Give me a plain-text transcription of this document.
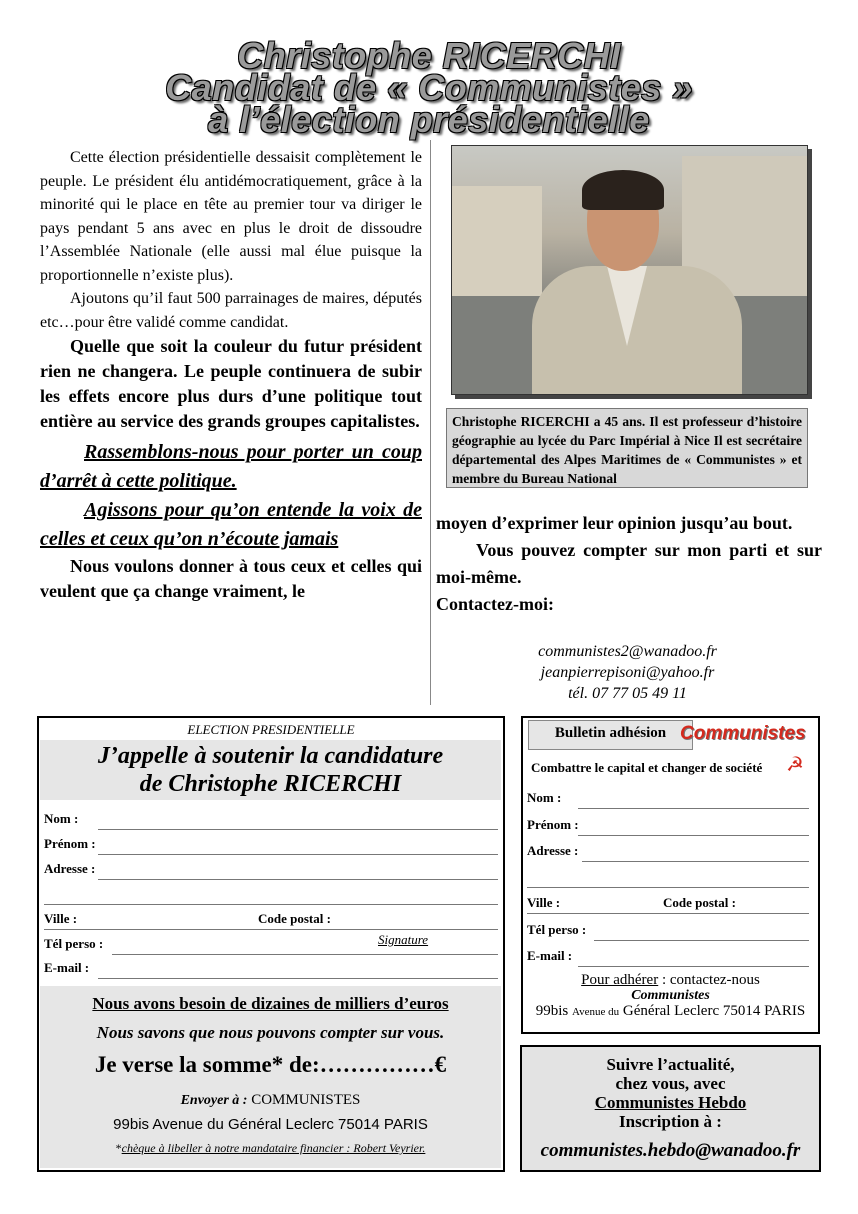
Christophe RICERCHI
Candidat de « Communistes »
à l’élection présidentielle

Cette élection présidentielle dessaisit complètement le peuple. Le président élu antidémocratiquement, grâce à la minorité qui le place en tête au premier tour va diriger le pays pendant 5 ans avec en plus le droit de dissoudre l’Assemblée Nationale (elle aussi mal élue puisque la proportionnelle n’existe plus).

Ajoutons qu’il faut 500 parrainages de maires, députés etc…pour être validé comme candidat.

Quelle que soit la couleur du futur président rien ne changera. Le peuple continuera de subir les effets encore plus durs d’une politique tout entière au service des grands groupes capitalistes.

Rassemblons-nous pour porter un coup d’arrêt à cette politique.

Agissons pour qu’on entende la voix de celles et ceux qu’on n’écoute jamais

Nous voulons donner à tous ceux et celles qui veulent que ça change vraiment, le

Christophe RICERCHI a 45 ans. Il est professeur d’histoire géographie au lycée du Parc Impérial à Nice Il est secrétaire départemental des Alpes Maritimes de « Communistes » et membre du Bureau National

moyen d’exprimer leur opinion jusqu’au bout.

Vous pouvez compter sur mon parti et sur moi-même.

Contactez-moi:

communistes2@wanadoo.fr
jeanpierrepisoni@yahoo.fr
tél. 07 77 05 49 11
ELECTION PRESIDENTIELLE
J’appelle à soutenir la candidature
de Christophe RICERCHI
Nom :
Prénom :
Adresse :
Ville :	Code postal :
Tél perso :	Signature
E-mail :
Nous avons besoin de dizaines de milliers d’euros
Nous savons que nous pouvons compter sur vous.
Je verse la somme* de:……………€
Envoyer à : COMMUNISTES
99bis Avenue du Général Leclerc 75014 PARIS
*chèque à libeller à notre mandataire financier : Robert Veyrier.
Bulletin adhésion Communistes
Combattre le capital et changer de société ☭
Nom :
Prénom :
Adresse :
Ville :	Code postal :
Tél perso :
E-mail :
Pour adhérer : contactez-nous
Communistes
99bis Avenue du Général Leclerc 75014 PARIS
Suivre l’actualité,
chez vous, avec
Communistes Hebdo
Inscription à :
communistes.hebdo@wanadoo.fr
